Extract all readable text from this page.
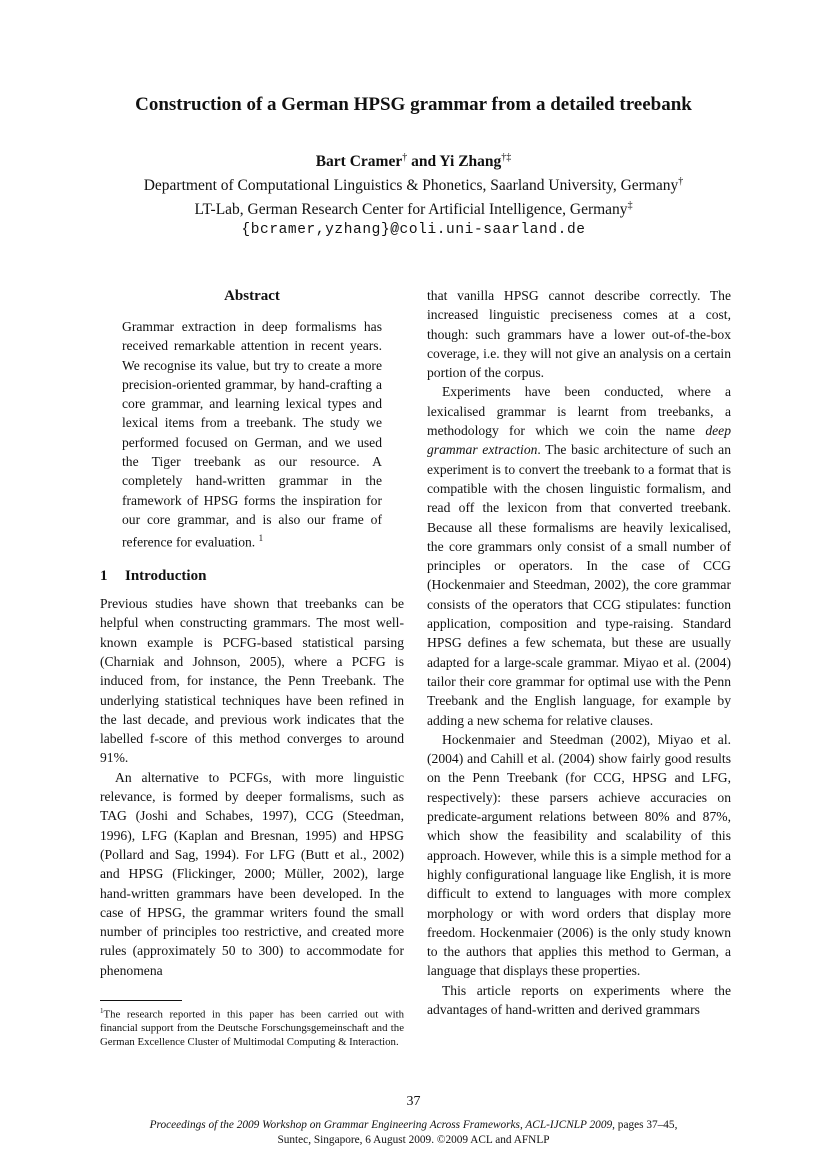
Construction of a German HPSG grammar from a detailed treebank
Bart Cramer† and Yi Zhang†‡
Department of Computational Linguistics & Phonetics, Saarland University, Germany†
LT-Lab, German Research Center for Artificial Intelligence, Germany‡
{bcramer,yzhang}@coli.uni-saarland.de
Abstract
Grammar extraction in deep formalisms has received remarkable attention in recent years. We recognise its value, but try to create a more precision-oriented grammar, by hand-crafting a core grammar, and learning lexical types and lexical items from a treebank. The study we performed focused on German, and we used the Tiger treebank as our resource. A completely hand-written grammar in the framework of HPSG forms the inspiration for our core grammar, and is also our frame of reference for evaluation. $^1$
1 Introduction

Previous studies have shown that treebanks can be helpful when constructing grammars. The most well-known example is PCFG-based statistical parsing (Charniak and Johnson, 2005), where a PCFG is induced from, for instance, the Penn Treebank. The underlying statistical techniques have been refined in the last decade, and previous work indicates that the labelled f-score of this method converges to around 91%.

An alternative to PCFGs, with more linguistic relevance, is formed by deeper formalisms, such as TAG (Joshi and Schabes, 1997), CCG (Steedman, 1996), LFG (Kaplan and Bresnan, 1995) and HPSG (Pollard and Sag, 1994). For LFG (Butt et al., 2002) and HPSG (Flickinger, 2000; Müller, 2002), large hand-written grammars have been developed. In the case of HPSG, the grammar writers found the small number of principles too restrictive, and created more rules (approximately 50 to 300) to accommodate for phenomena

that vanilla HPSG cannot describe correctly. The increased linguistic preciseness comes at a cost, though: such grammars have a lower out-of-the-box coverage, i.e. they will not give an analysis on a certain portion of the corpus.

Experiments have been conducted, where a lexicalised grammar is learnt from treebanks, a methodology for which we coin the name deep grammar extraction. The basic architecture of such an experiment is to convert the treebank to a format that is compatible with the chosen linguistic formalism, and read off the lexicon from that converted treebank. Because all these formalisms are heavily lexicalised, the core grammars only consist of a small number of principles or operators. In the case of CCG (Hockenmaier and Steedman, 2002), the core grammar consists of the operators that CCG stipulates: function application, composition and type-raising. Standard HPSG defines a few schemata, but these are usually adapted for a large-scale grammar. Miyao et al. (2004) tailor their core grammar for optimal use with the Penn Treebank and the English language, for example by adding a new schema for relative clauses.

Hockenmaier and Steedman (2002), Miyao et al. (2004) and Cahill et al. (2004) show fairly good results on the Penn Treebank (for CCG, HPSG and LFG, respectively): these parsers achieve accuracies on predicate-argument relations between 80% and 87%, which show the feasibility and scalability of this approach. However, while this is a simple method for a highly configurational language like English, it is more difficult to extend to languages with more complex morphology or with word orders that display more freedom. Hockenmaier (2006) is the only study known to the authors that applies this method to German, a language that displays these properties.

This article reports on experiments where the advantages of hand-written and derived grammars

$^1$The research reported in this paper has been carried out with financial support from the Deutsche Forschungsgemeinschaft and the German Excellence Cluster of Multimodal Computing & Interaction.
37
Proceedings of the 2009 Workshop on Grammar Engineering Across Frameworks, ACL-IJCNLP 2009, pages 37–45,
Suntec, Singapore, 6 August 2009. ©2009 ACL and AFNLP
